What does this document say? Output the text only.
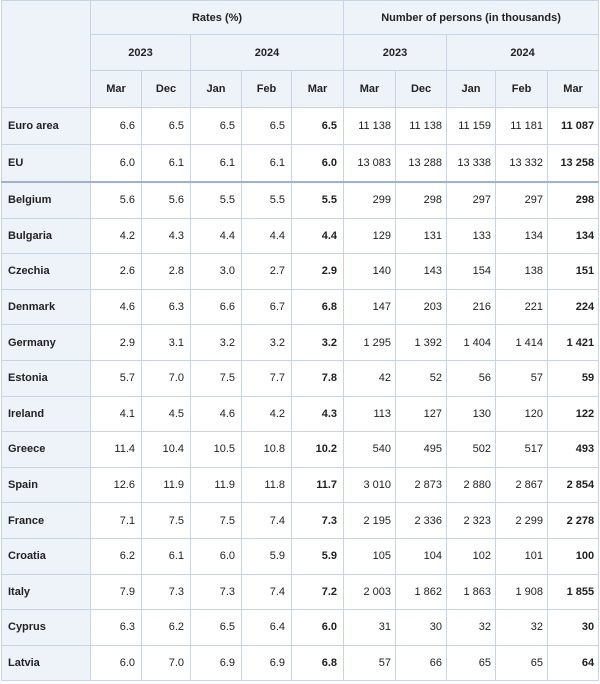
	Rates (%)					Number of persons (in thousands)				
	2023		2024			2023		2024		
	Mar	Dec	Jan	Feb	Mar	Mar	Dec	Jan	Feb	Mar
Euro area	6.6	6.5	6.5	6.5	6.5	11 138	11 138	11 159	11 181	11 087
EU	6.0	6.1	6.1	6.1	6.0	13 083	13 288	13 338	13 332	13 258
Belgium	5.6	5.6	5.5	5.5	5.5	299	298	297	297	298
Bulgaria	4.2	4.3	4.4	4.4	4.4	129	131	133	134	134
Czechia	2.6	2.8	3.0	2.7	2.9	140	143	154	138	151
Denmark	4.6	6.3	6.6	6.7	6.8	147	203	216	221	224
Germany	2.9	3.1	3.2	3.2	3.2	1 295	1 392	1 404	1 414	1 421
Estonia	5.7	7.0	7.5	7.7	7.8	42	52	56	57	59
Ireland	4.1	4.5	4.6	4.2	4.3	113	127	130	120	122
Greece	11.4	10.4	10.5	10.8	10.2	540	495	502	517	493
Spain	12.6	11.9	11.9	11.8	11.7	3 010	2 873	2 880	2 867	2 854
France	7.1	7.5	7.5	7.4	7.3	2 195	2 336	2 323	2 299	2 278
Croatia	6.2	6.1	6.0	5.9	5.9	105	104	102	101	100
Italy	7.9	7.3	7.3	7.4	7.2	2 003	1 862	1 863	1 908	1 855
Cyprus	6.3	6.2	6.5	6.4	6.0	31	30	32	32	30
Latvia	6.0	7.0	6.9	6.9	6.8	57	66	65	65	64
